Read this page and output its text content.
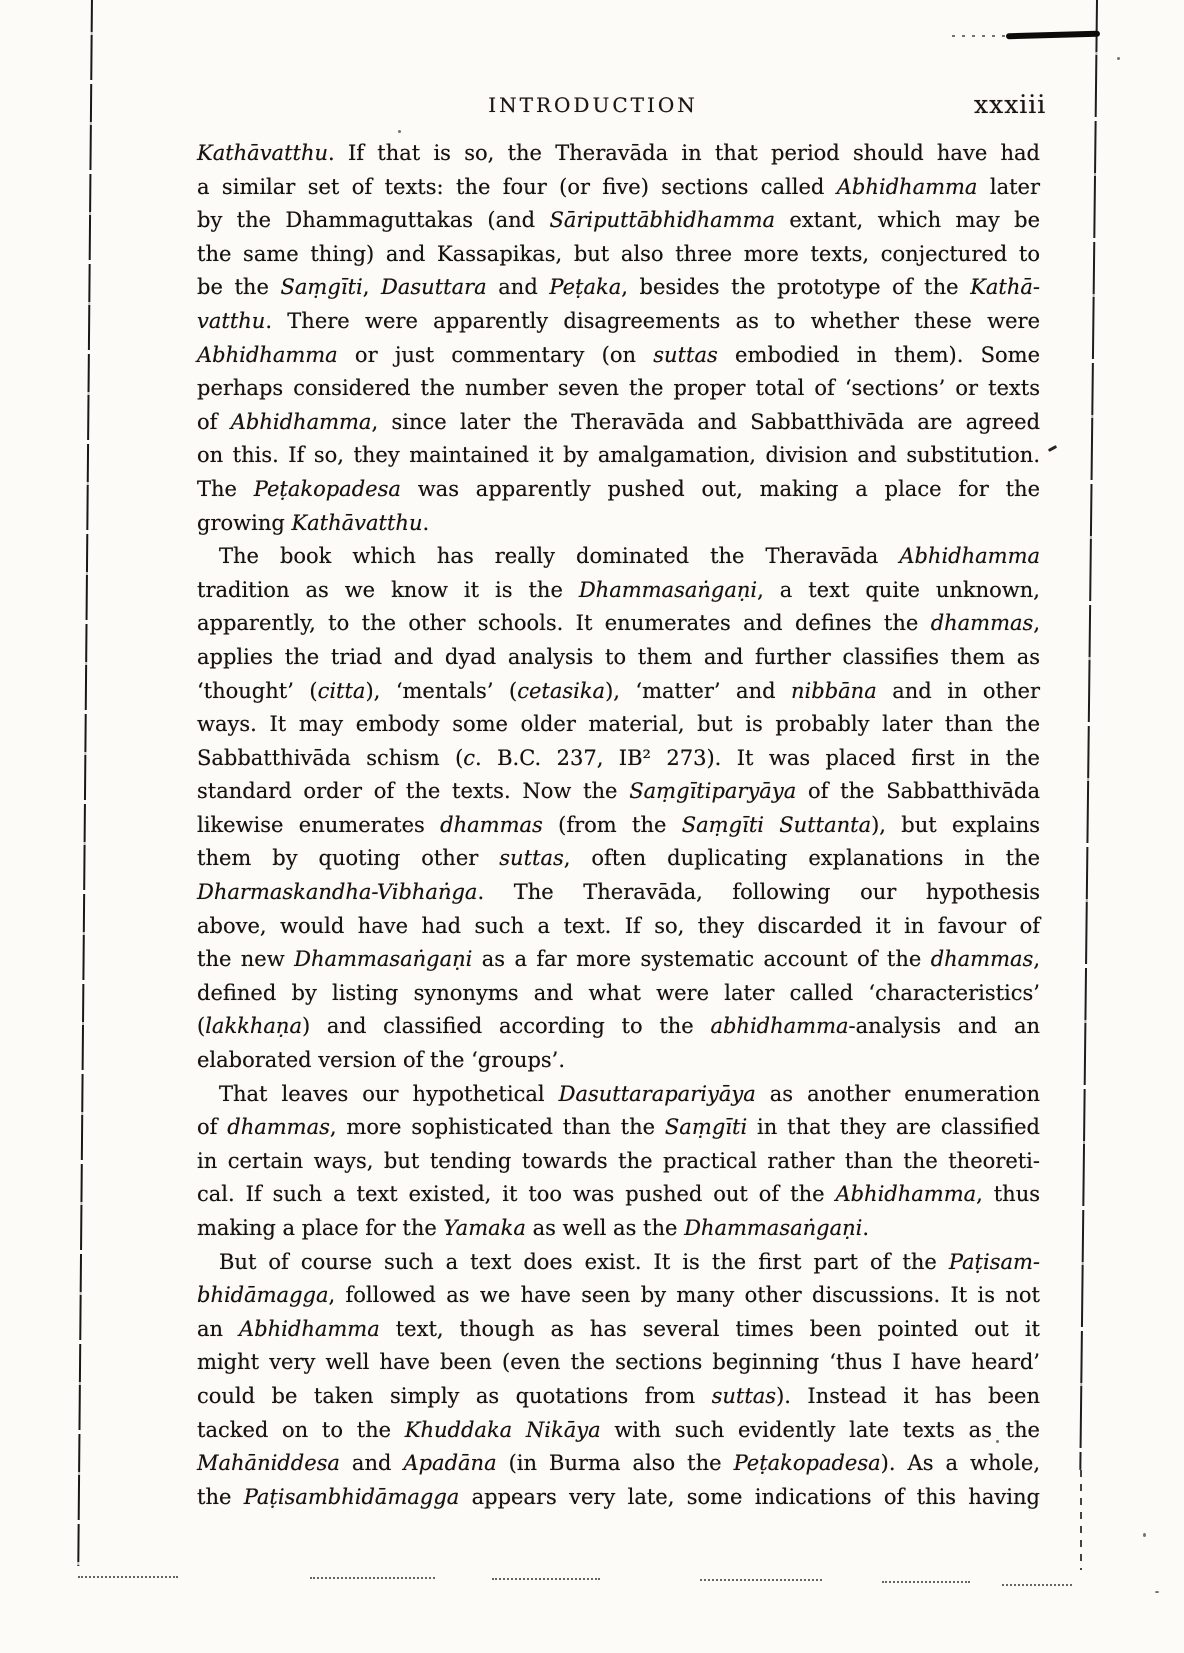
INTRODUCTION	xxxiii
Kathāvatthu. If that is so, the Theravāda in that period should have had
a similar set of texts: the four (or five) sections called Abhidhamma later
by the Dhammaguttakas (and Sāriputtābhidhamma extant, which may be
the same thing) and Kassapikas, but also three more texts, conjectured to
be the Saṃgīti, Dasuttara and Peṭaka, besides the prototype of the Kathā-
vatthu. There were apparently disagreements as to whether these were
Abhidhamma or just commentary (on suttas embodied in them). Some
perhaps considered the number seven the proper total of ‘sections’ or texts
of Abhidhamma, since later the Theravāda and Sabbatthivāda are agreed
on this. If so, they maintained it by amalgamation, division and substitution.
The Peṭakopadesa was apparently pushed out, making a place for the
growing Kathāvatthu.
The book which has really dominated the Theravāda Abhidhamma
tradition as we know it is the Dhammasaṅgaṇi, a text quite unknown,
apparently, to the other schools. It enumerates and defines the dhammas,
applies the triad and dyad analysis to them and further classifies them as
‘thought’ (citta), ‘mentals’ (cetasika), ‘matter’ and nibbāna and in other
ways. It may embody some older material, but is probably later than the
Sabbatthivāda schism (c. B.C. 237, IB² 273). It was placed first in the
standard order of the texts. Now the Saṃgītiparyāya of the Sabbatthivāda
likewise enumerates dhammas (from the Saṃgīti Suttanta), but explains
them by quoting other suttas, often duplicating explanations in the
Dharmaskandha-Vibhaṅga. The Theravāda, following our hypothesis
above, would have had such a text. If so, they discarded it in favour of
the new Dhammasaṅgaṇi as a far more systematic account of the dhammas,
defined by listing synonyms and what were later called ‘characteristics’
(lakkhaṇa) and classified according to the abhidhamma-analysis and an
elaborated version of the ‘groups’.
That leaves our hypothetical Dasuttarapariyāya as another enumeration
of dhammas, more sophisticated than the Saṃgīti in that they are classified
in certain ways, but tending towards the practical rather than the theoreti-
cal. If such a text existed, it too was pushed out of the Abhidhamma, thus
making a place for the Yamaka as well as the Dhammasaṅgaṇi.
But of course such a text does exist. It is the first part of the Paṭisam-
bhidāmagga, followed as we have seen by many other discussions. It is not
an Abhidhamma text, though as has several times been pointed out it
might very well have been (even the sections beginning ‘thus I have heard’
could be taken simply as quotations from suttas). Instead it has been
tacked on to the Khuddaka Nikāya with such evidently late texts as the
Mahāniddesa and Apadāna (in Burma also the Peṭakopadesa). As a whole,
the Paṭisambhidāmagga appears very late, some indications of this having
